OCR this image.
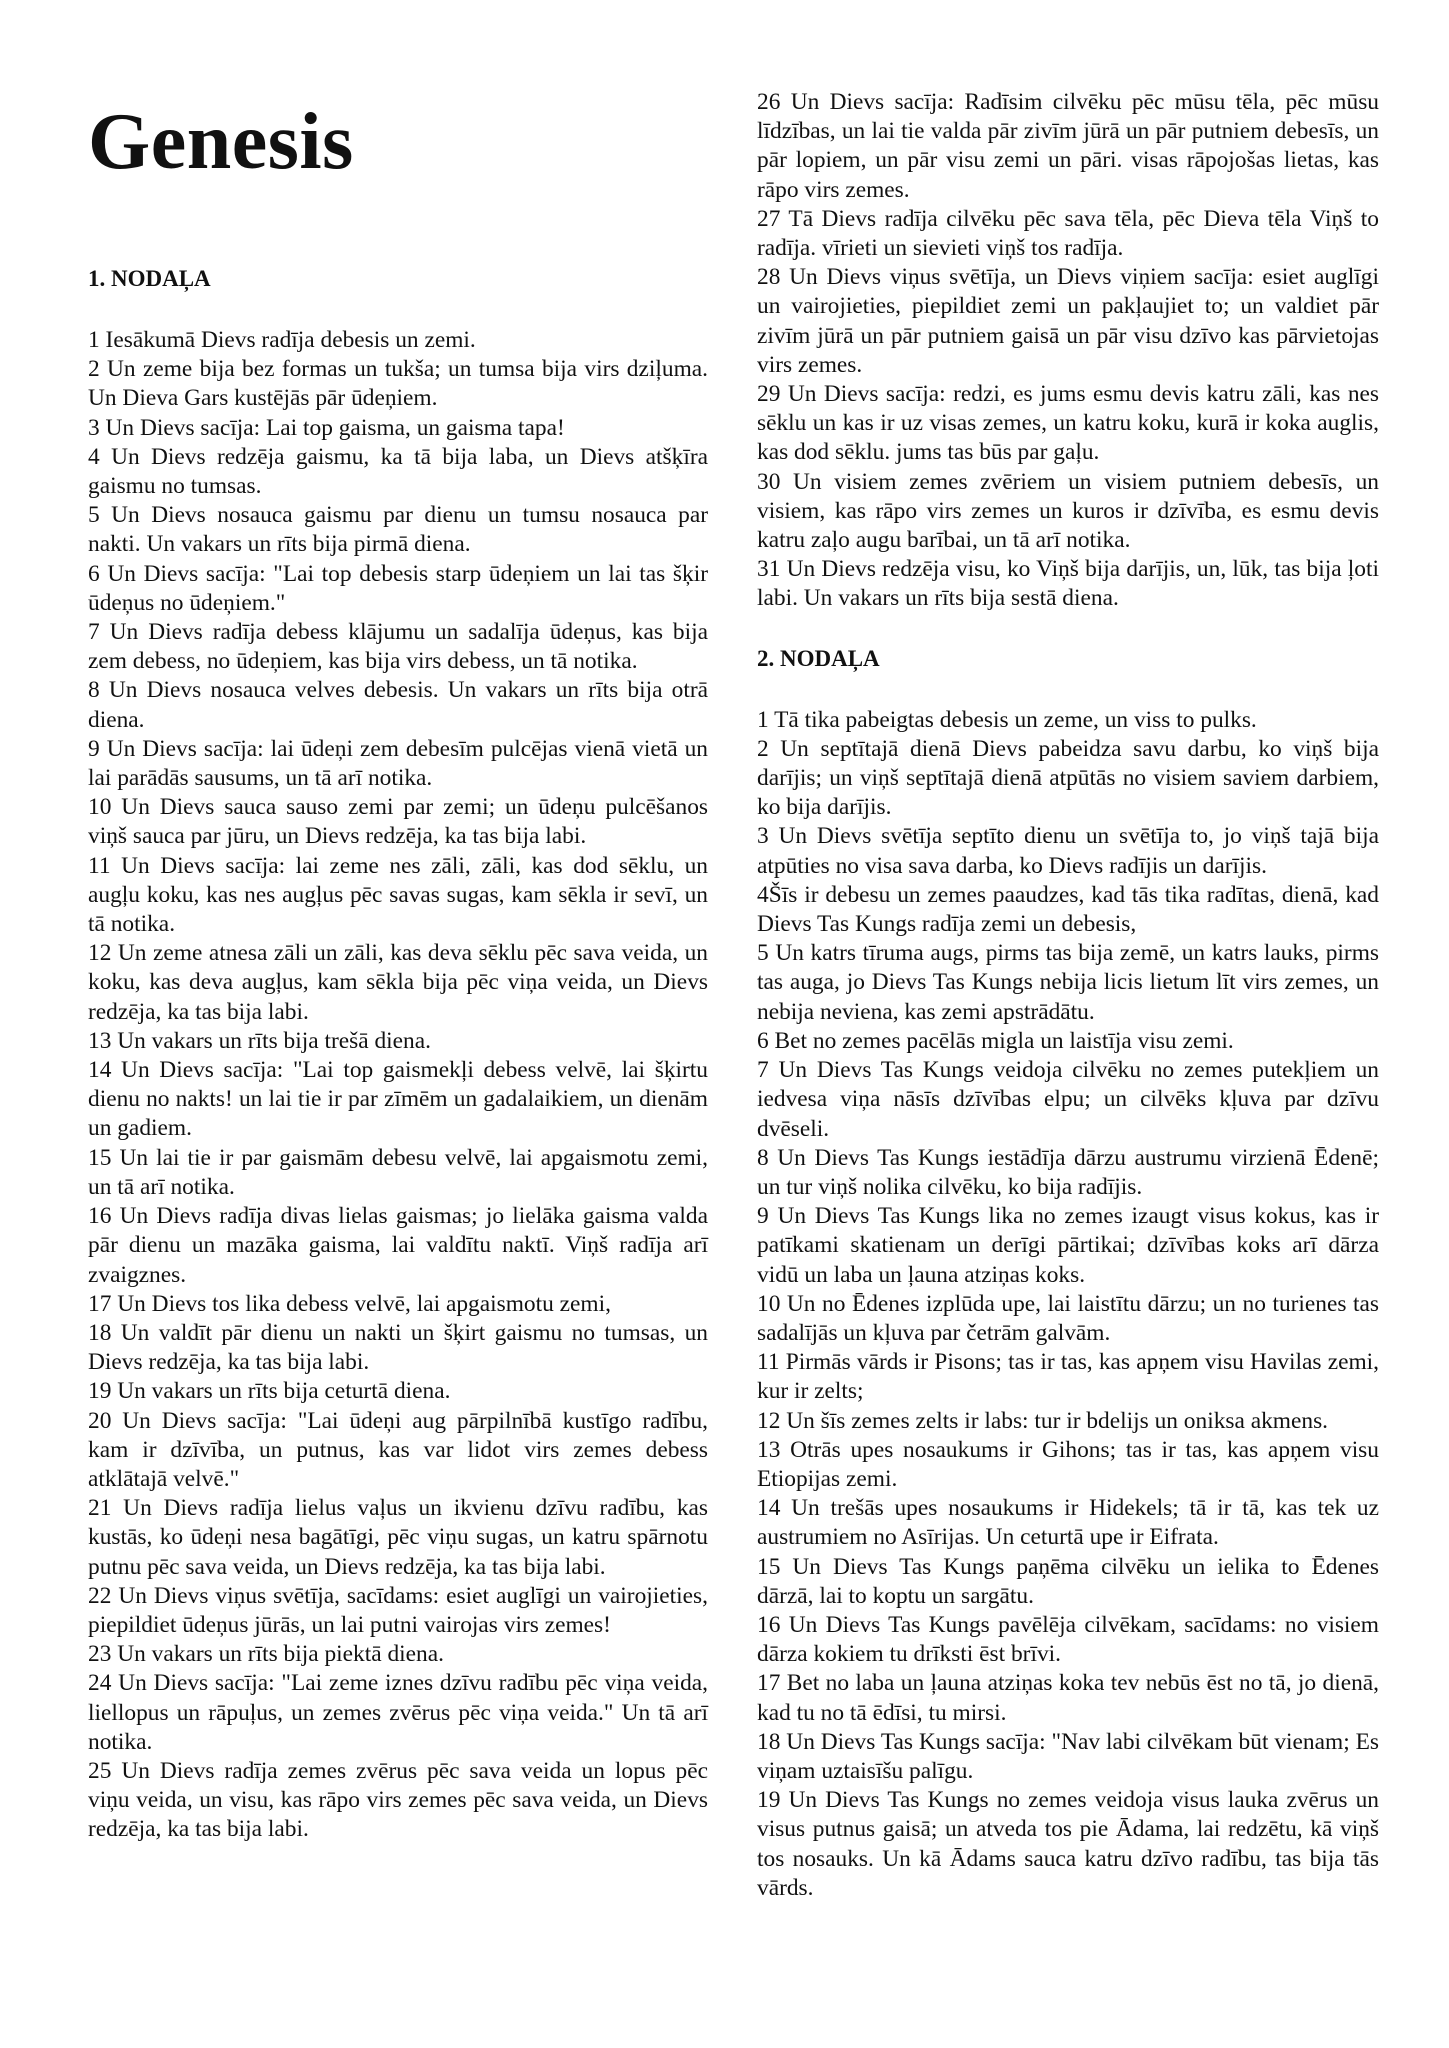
Genesis
1. NODAĻA

1 Iesākumā Dievs radīja debesis un zemi.

2 Un zeme bija bez formas un tukša; un tumsa bija virs dziļuma. Un Dieva Gars kustējās pār ūdeņiem.

3 Un Dievs sacīja: Lai top gaisma, un gaisma tapa!

4 Un Dievs redzēja gaismu, ka tā bija laba, un Dievs atšķīra gaismu no tumsas.

5 Un Dievs nosauca gaismu par dienu un tumsu nosauca par nakti. Un vakars un rīts bija pirmā diena.

6 Un Dievs sacīja: "Lai top debesis starp ūdeņiem un lai tas šķir ūdeņus no ūdeņiem."

7 Un Dievs radīja debess klājumu un sadalīja ūdeņus, kas bija zem debess, no ūdeņiem, kas bija virs debess, un tā notika.

8 Un Dievs nosauca velves debesis. Un vakars un rīts bija otrā diena.

9 Un Dievs sacīja: lai ūdeņi zem debesīm pulcējas vienā vietā un lai parādās sausums, un tā arī notika.

10 Un Dievs sauca sauso zemi par zemi; un ūdeņu pulcēšanos viņš sauca par jūru, un Dievs redzēja, ka tas bija labi.

11 Un Dievs sacīja: lai zeme nes zāli, zāli, kas dod sēklu, un augļu koku, kas nes augļus pēc savas sugas, kam sēkla ir sevī, un tā notika.

12 Un zeme atnesa zāli un zāli, kas deva sēklu pēc sava veida, un koku, kas deva augļus, kam sēkla bija pēc viņa veida, un Dievs redzēja, ka tas bija labi.

13 Un vakars un rīts bija trešā diena.

14 Un Dievs sacīja: "Lai top gaismekļi debess velvē, lai šķirtu dienu no nakts! un lai tie ir par zīmēm un gadalaikiem, un dienām un gadiem.

15 Un lai tie ir par gaismām debesu velvē, lai apgaismotu zemi, un tā arī notika.

16 Un Dievs radīja divas lielas gaismas; jo lielāka gaisma valda pār dienu un mazāka gaisma, lai valdītu naktī. Viņš radīja arī zvaigznes.

17 Un Dievs tos lika debess velvē, lai apgaismotu zemi,

18 Un valdīt pār dienu un nakti un šķirt gaismu no tumsas, un Dievs redzēja, ka tas bija labi.

19 Un vakars un rīts bija ceturtā diena.

20 Un Dievs sacīja: "Lai ūdeņi aug pārpilnībā kustīgo radību, kam ir dzīvība, un putnus, kas var lidot virs zemes debess atklātajā velvē."

21 Un Dievs radīja lielus vaļus un ikvienu dzīvu radību, kas kustās, ko ūdeņi nesa bagātīgi, pēc viņu sugas, un katru spārnotu putnu pēc sava veida, un Dievs redzēja, ka tas bija labi.

22 Un Dievs viņus svētīja, sacīdams: esiet auglīgi un vairojieties, piepildiet ūdeņus jūrās, un lai putni vairojas virs zemes!

23 Un vakars un rīts bija piektā diena.

24 Un Dievs sacīja: "Lai zeme iznes dzīvu radību pēc viņa veida, liellopus un rāpuļus, un zemes zvērus pēc viņa veida." Un tā arī notika.

25 Un Dievs radīja zemes zvērus pēc sava veida un lopus pēc viņu veida, un visu, kas rāpo virs zemes pēc sava veida, un Dievs redzēja, ka tas bija labi.

26 Un Dievs sacīja: Radīsim cilvēku pēc mūsu tēla, pēc mūsu līdzības, un lai tie valda pār zivīm jūrā un pār putniem debesīs, un pār lopiem, un pār visu zemi un pāri. visas rāpojošas lietas, kas rāpo virs zemes.

27 Tā Dievs radīja cilvēku pēc sava tēla, pēc Dieva tēla Viņš to radīja. vīrieti un sievieti viņš tos radīja.

28 Un Dievs viņus svētīja, un Dievs viņiem sacīja: esiet auglīgi un vairojieties, piepildiet zemi un pakļaujiet to; un valdiet pār zivīm jūrā un pār putniem gaisā un pār visu dzīvo kas pārvietojas virs zemes.

29 Un Dievs sacīja: redzi, es jums esmu devis katru zāli, kas nes sēklu un kas ir uz visas zemes, un katru koku, kurā ir koka auglis, kas dod sēklu. jums tas būs par gaļu.

30 Un visiem zemes zvēriem un visiem putniem debesīs, un visiem, kas rāpo virs zemes un kuros ir dzīvība, es esmu devis katru zaļo augu barībai, un tā arī notika.

31 Un Dievs redzēja visu, ko Viņš bija darījis, un, lūk, tas bija ļoti labi. Un vakars un rīts bija sestā diena.

2. NODAĻA

1 Tā tika pabeigtas debesis un zeme, un viss to pulks.

2 Un septītajā dienā Dievs pabeidza savu darbu, ko viņš bija darījis; un viņš septītajā dienā atpūtās no visiem saviem darbiem, ko bija darījis.

3 Un Dievs svētīja septīto dienu un svētīja to, jo viņš tajā bija atpūties no visa sava darba, ko Dievs radījis un darījis.

4Šīs ir debesu un zemes paaudzes, kad tās tika radītas, dienā, kad Dievs Tas Kungs radīja zemi un debesis,

5 Un katrs tīruma augs, pirms tas bija zemē, un katrs lauks, pirms tas auga, jo Dievs Tas Kungs nebija licis lietum līt virs zemes, un nebija neviena, kas zemi apstrādātu.

6 Bet no zemes pacēlās migla un laistīja visu zemi.

7 Un Dievs Tas Kungs veidoja cilvēku no zemes putekļiem un iedvesa viņa nāsīs dzīvības elpu; un cilvēks kļuva par dzīvu dvēseli.

8 Un Dievs Tas Kungs iestādīja dārzu austrumu virzienā Ēdenē; un tur viņš nolika cilvēku, ko bija radījis.

9 Un Dievs Tas Kungs lika no zemes izaugt visus kokus, kas ir patīkami skatienam un derīgi pārtikai; dzīvības koks arī dārza vidū un laba un ļauna atziņas koks.

10 Un no Ēdenes izplūda upe, lai laistītu dārzu; un no turienes tas sadalījās un kļuva par četrām galvām.

11 Pirmās vārds ir Pisons; tas ir tas, kas apņem visu Havilas zemi, kur ir zelts;

12 Un šīs zemes zelts ir labs: tur ir bdelijs un oniksa akmens.

13 Otrās upes nosaukums ir Gihons; tas ir tas, kas apņem visu Etiopijas zemi.

14 Un trešās upes nosaukums ir Hidekels; tā ir tā, kas tek uz austrumiem no Asīrijas. Un ceturtā upe ir Eifrata.

15 Un Dievs Tas Kungs paņēma cilvēku un ielika to Ēdenes dārzā, lai to koptu un sargātu.

16 Un Dievs Tas Kungs pavēlēja cilvēkam, sacīdams: no visiem dārza kokiem tu drīksti ēst brīvi.

17 Bet no laba un ļauna atziņas koka tev nebūs ēst no tā, jo dienā, kad tu no tā ēdīsi, tu mirsi.

18 Un Dievs Tas Kungs sacīja: "Nav labi cilvēkam būt vienam; Es viņam uztaisīšu palīgu.

19 Un Dievs Tas Kungs no zemes veidoja visus lauka zvērus un visus putnus gaisā; un atveda tos pie Ādama, lai redzētu, kā viņš tos nosauks. Un kā Ādams sauca katru dzīvo radību, tas bija tās vārds.
